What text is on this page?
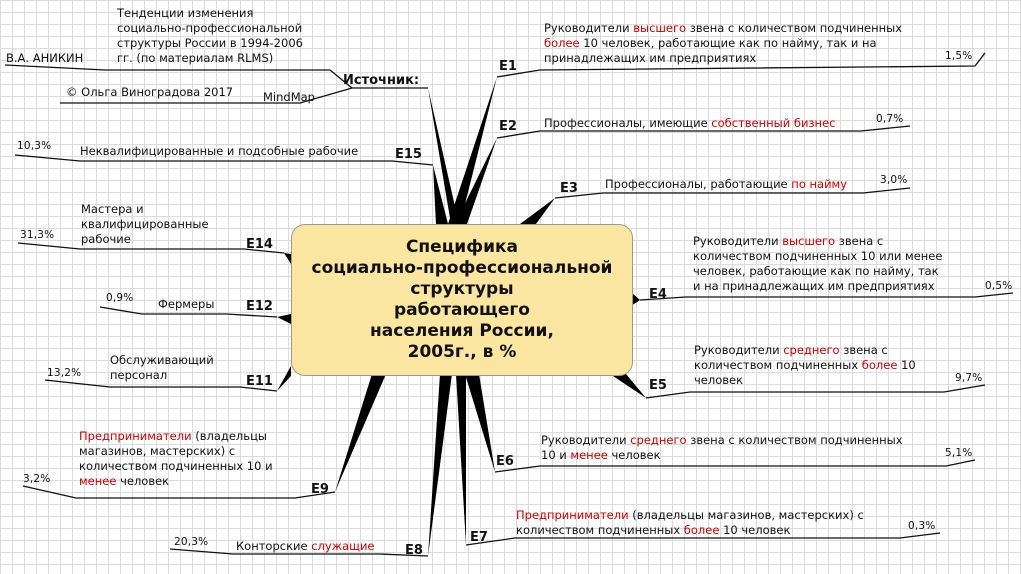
Специфика
социально-профессиональной
структуры
работающего
населения России,
2005г., в %
Тенденции изменения
социально-профессиональной
структуры России в 1994-2006
гг. (по материалам RLMS)
В.А. АНИКИН
© Ольга Виноградова 2017	MindMap
Источник:
Руководители высшего звена с количеством подчиненных
более 10 человек, работающие как по найму, так и на
принадлежащих им предприятиях
E1
1,5%
Профессионалы, имеющие собственный бизнес
E2	0,7%
Профессионалы, работающие по найму
E3
3,0%
Руководители высшего звена с
количеством подчиненных 10 или менее
человек, работающие как по найму, так
и на принадлежащих им предприятиях
E4
0,5%
Руководители среднего звена с
количеством подчиненных более 10
человек
E5	9,7%
Руководители среднего звена с количеством подчиненных
10 и менее человек
E6
5,1%
Предприниматели (владельцы магазинов, мастерских) с
количеством подчиненных более 10 человек
E7
0,3%
Конторские служащие E8
20,3%
Предприниматели (владельцы
магазинов, мастерских) с
количеством подчиненных 10 и
менее человек
E9
3,2%
Обслуживающий
персонал	E11
13,2%
Фермеры E12
0,9%
Мастера и
квалифицированные
рабочие	E14
31,3%
Неквалифицированные и подсобные рабочие	E15
10,3%
